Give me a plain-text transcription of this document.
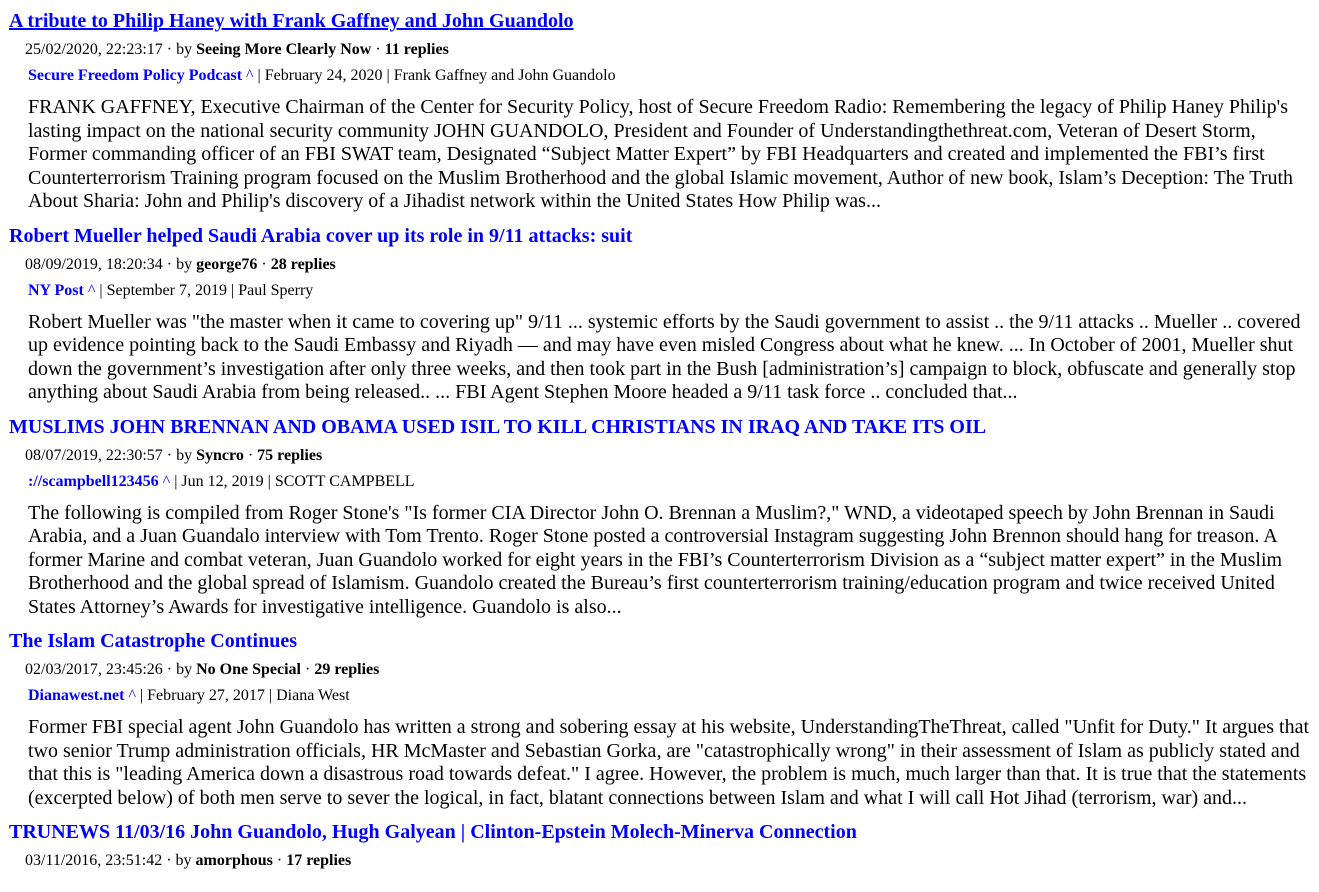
A tribute to Philip Haney with Frank Gaffney and John Guandolo
25/02/2020, 22:23:17 · by Seeing More Clearly Now · 11 replies
Secure Freedom Policy Podcast ^ | February 24, 2020 | Frank Gaffney and John Guandolo
FRANK GAFFNEY, Executive Chairman of the Center for Security Policy, host of Secure Freedom Radio: Remembering the legacy of Philip Haney Philip's lasting impact on the national security community JOHN GUANDOLO, President and Founder of Understandingthethreat.com, Veteran of Desert Storm, Former commanding officer of an FBI SWAT team, Designated “Subject Matter Expert” by FBI Headquarters and created and implemented the FBI’s first Counterterrorism Training program focused on the Muslim Brotherhood and the global Islamic movement, Author of new book, Islam’s Deception: The Truth About Sharia: John and Philip's discovery of a Jihadist network within the United States How Philip was...
Robert Mueller helped Saudi Arabia cover up its role in 9/11 attacks: suit
08/09/2019, 18:20:34 · by george76 · 28 replies
NY Post ^ | September 7, 2019 | Paul Sperry
Robert Mueller was "the master when it came to covering up" 9/11 ... systemic efforts by the Saudi government to assist .. the 9/11 attacks .. Mueller .. covered up evidence pointing back to the Saudi Embassy and Riyadh — and may have even misled Congress about what he knew. ... In October of 2001, Mueller shut down the government’s investigation after only three weeks, and then took part in the Bush [administration’s] campaign to block, obfuscate and generally stop anything about Saudi Arabia from being released.. ... FBI Agent Stephen Moore headed a 9/11 task force .. concluded that...
MUSLIMS JOHN BRENNAN AND OBAMA USED ISIL TO KILL CHRISTIANS IN IRAQ AND TAKE ITS OIL
08/07/2019, 22:30:57 · by Syncro · 75 replies
://scampbell123456 ^ | Jun 12, 2019 | SCOTT CAMPBELL
The following is compiled from Roger Stone's "Is former CIA Director John O. Brennan a Muslim?," WND, a videotaped speech by John Brennan in Saudi Arabia, and a Juan Guandalo interview with Tom Trento. Roger Stone posted a controversial Instagram suggesting John Brennon should hang for treason. A former Marine and combat veteran, Juan Guandolo worked for eight years in the FBI’s Counterterrorism Division as a “subject matter expert” in the Muslim Brotherhood and the global spread of Islamism. Guandolo created the Bureau’s first counterterrorism training/education program and twice received United States Attorney’s Awards for investigative intelligence. Guandolo is also...
The Islam Catastrophe Continues
02/03/2017, 23:45:26 · by No One Special · 29 replies
Dianawest.net ^ | February 27, 2017 | Diana West
Former FBI special agent John Guandolo has written a strong and sobering essay at his website, UnderstandingTheThreat, called "Unfit for Duty." It argues that two senior Trump administration officials, HR McMaster and Sebastian Gorka, are "catastrophically wrong" in their assessment of Islam as publicly stated and that this is "leading America down a disastrous road towards defeat." I agree. However, the problem is much, much larger than that. It is true that the statements (excerpted below) of both men serve to sever the logical, in fact, blatant connections between Islam and what I will call Hot Jihad (terrorism, war) and...
TRUNEWS 11/03/16 John Guandolo, Hugh Galyean | Clinton-Epstein Molech-Minerva Connection
03/11/2016, 23:51:42 · by amorphous · 17 replies
